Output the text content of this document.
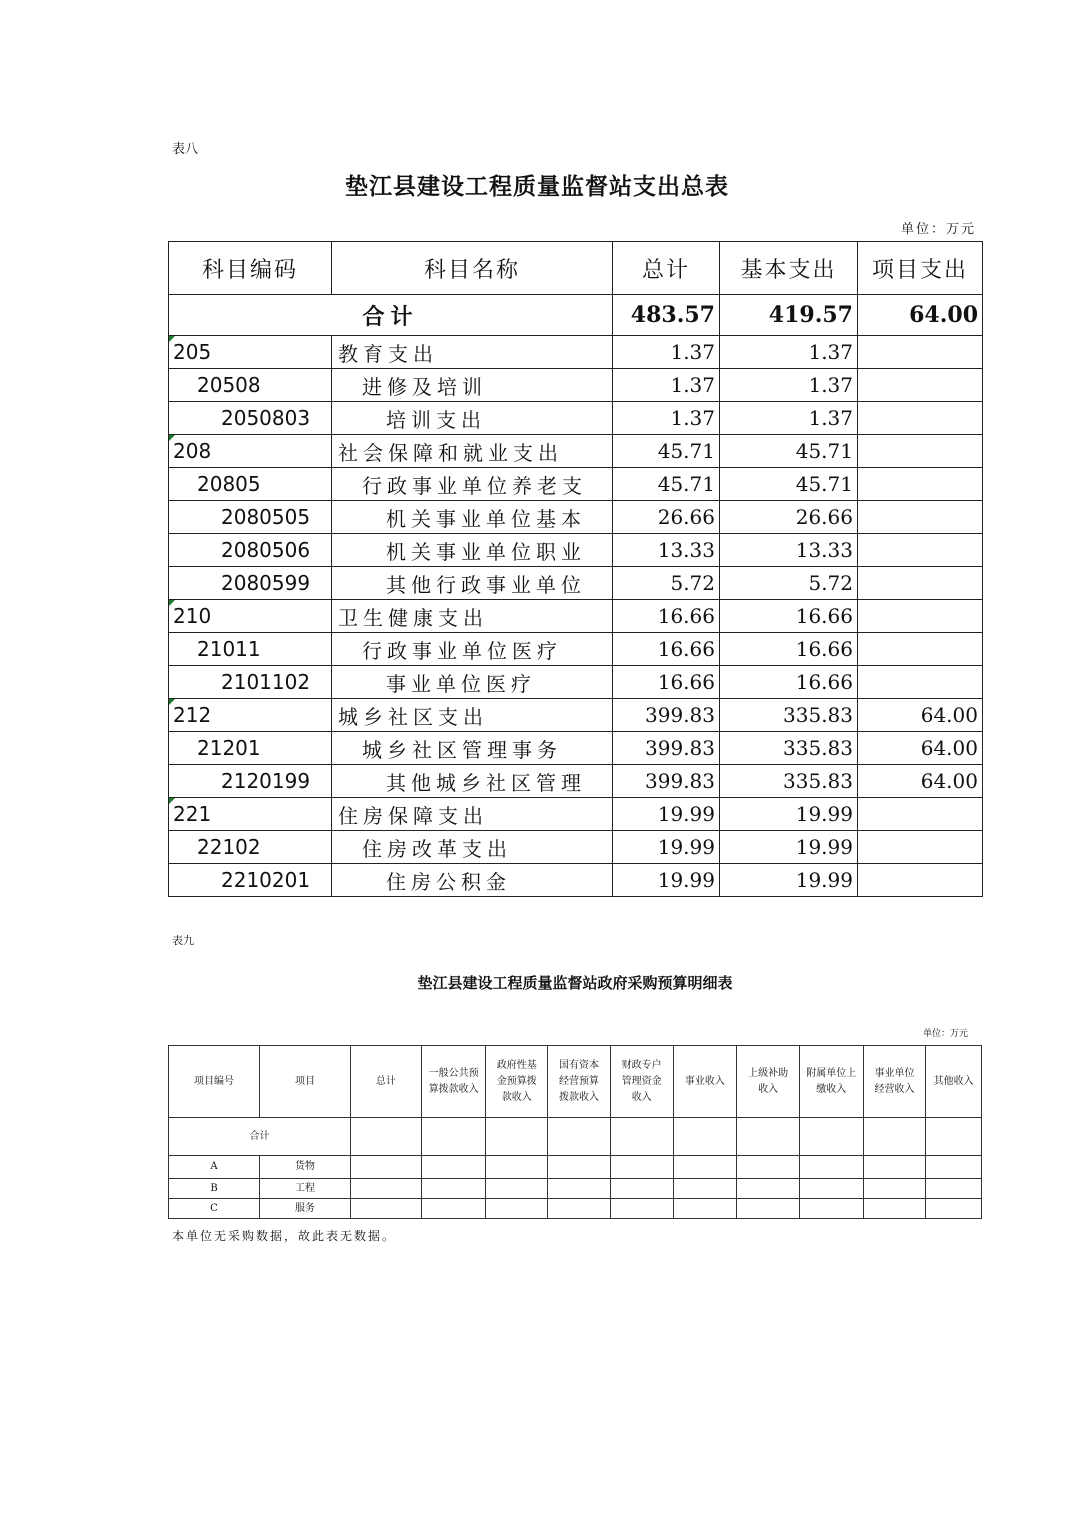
表八
垫江县建设工程质量监督站支出总表
单位：万元
科目编码	科目名称	总计	基本支出	项目支出
合计		483.57	419.57	64.00
205	教育支出	1.37	1.37	
20508	进修及培训	1.37	1.37	
2050803	培训支出	1.37	1.37	
208	社会保障和就业支出	45.71	45.71	
20805	行政事业单位养老支	45.71	45.71	
2080505	机关事业单位基本	26.66	26.66	
2080506	机关事业单位职业	13.33	13.33	
2080599	其他行政事业单位	5.72	5.72	
210	卫生健康支出	16.66	16.66	
21011	行政事业单位医疗	16.66	16.66	
2101102	事业单位医疗	16.66	16.66	
212	城乡社区支出	399.83	335.83	64.00
21201	城乡社区管理事务	399.83	335.83	64.00
2120199	其他城乡社区管理	399.83	335.83	64.00
221	住房保障支出	19.99	19.99	
22102	住房改革支出	19.99	19.99	
2210201	住房公积金	19.99	19.99	
表九
垫江县建设工程质量监督站政府采购预算明细表
单位：万元
项目编号	项目	总计	一般公共预算拨款收入	政府性基金预算拨款收入	国有资本经营预算拨款收入	财政专户管理资金收入	事业收入	上级补助收入	附属单位上缴收入	事业单位经营收入	其他收入
合计											
A	货物										
B	工程										
C	服务										
本单位无采购数据，故此表无数据。
